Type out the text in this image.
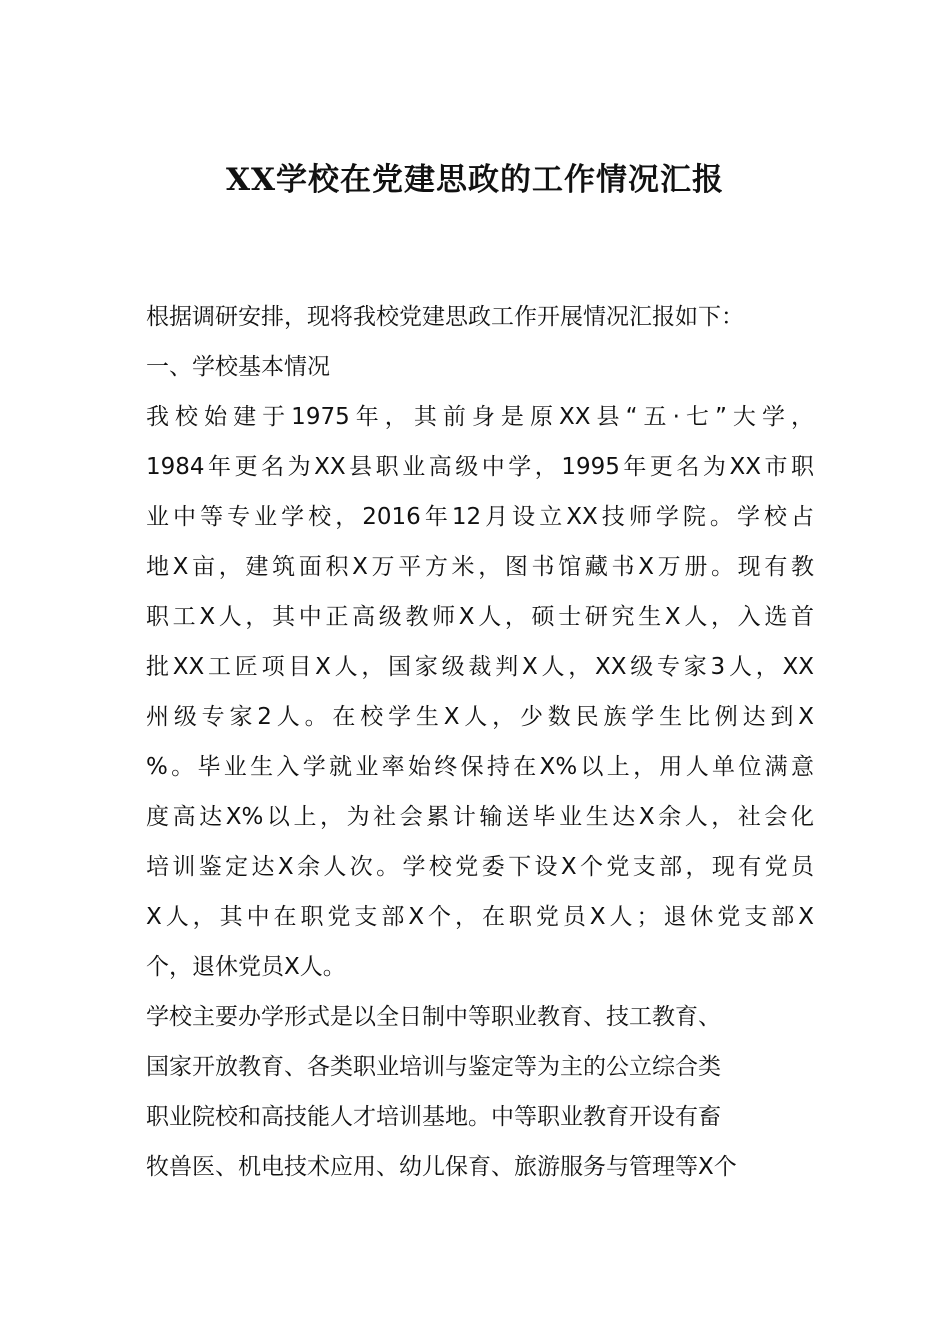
XX学校在党建思政的工作情况汇报
根据调研安排，现将我校党建思政工作开展情况汇报如下：
一、学校基本情况
我校始建于1975年，其前身是原XX县“五·七”大学，
1984年更名为XX县职业高级中学，1995年更名为XX市职
业中等专业学校，2016年12月设立XX技师学院。学校占
地X亩，建筑面积X万平方米，图书馆藏书X万册。现有教
职工X人，其中正高级教师X人，硕士研究生X人，入选首
批XX工匠项目X人，国家级裁判X人，XX级专家3人，XX
州级专家2人。在校学生X人，少数民族学生比例达到X
%。毕业生入学就业率始终保持在X%以上，用人单位满意
度高达X%以上，为社会累计输送毕业生达X余人，社会化
培训鉴定达X余人次。学校党委下设X个党支部，现有党员
X人，其中在职党支部X个，在职党员X人；退休党支部X
个，退休党员X人。
学校主要办学形式是以全日制中等职业教育、技工教育、
国家开放教育、各类职业培训与鉴定等为主的公立综合类
职业院校和高技能人才培训基地。中等职业教育开设有畜
牧兽医、机电技术应用、幼儿保育、旅游服务与管理等X个
